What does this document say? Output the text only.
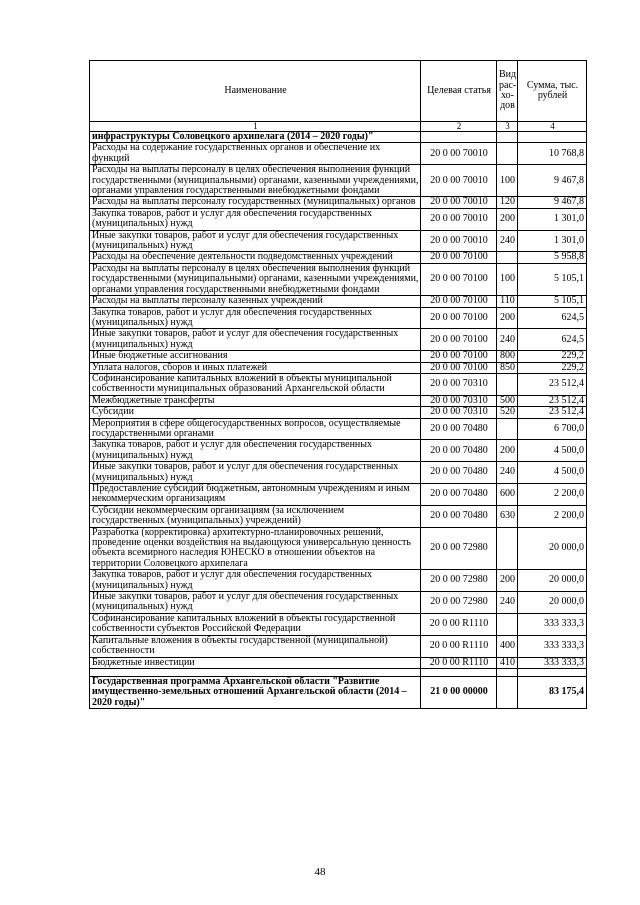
Наименование	Целевая статья	Вид рас-хо-дов	Сумма, тыс. рублей
1	2	3	4
инфраструктуры Соловецкого архипелага (2014 – 2020 годы)"			
Расходы на содержание государственных органов и обеспечение их функций	20 0 00 70010		10 768,8
Расходы на выплаты персоналу в целях обеспечения выполнения функций государственными (муниципальными) органами, казенными учреждениями, органами управления государственными внебюджетными фондами	20 0 00 70010	100	9 467,8
Расходы на выплаты персоналу государственных (муниципальных) органов	20 0 00 70010	120	9 467,8
Закупка товаров, работ и услуг для обеспечения государственных (муниципальных) нужд	20 0 00 70010	200	1 301,0
Иные закупки товаров, работ и услуг для обеспечения государственных (муниципальных) нужд	20 0 00 70010	240	1 301,0
Расходы на обеспечение деятельности подведомственных учреждений	20 0 00 70100		5 958,8
Расходы на выплаты персоналу в целях обеспечения выполнения функций государственными (муниципальными) органами, казенными учреждениями, органами управления государственными внебюджетными фондами	20 0 00 70100	100	5 105,1
Расходы на выплаты персоналу казенных учреждений	20 0 00 70100	110	5 105,1
Закупка товаров, работ и услуг для обеспечения государственных (муниципальных) нужд	20 0 00 70100	200	624,5
Иные закупки товаров, работ и услуг для обеспечения государственных (муниципальных) нужд	20 0 00 70100	240	624,5
Иные бюджетные ассигнования	20 0 00 70100	800	229,2
Уплата налогов, сборов и иных платежей	20 0 00 70100	850	229,2
Софинансирование капитальных вложений в объекты муниципальной собственности муниципальных образований Архангельской области	20 0 00 70310		23 512,4
Межбюджетные трансферты	20 0 00 70310	500	23 512,4
Субсидии	20 0 00 70310	520	23 512,4
Мероприятия в сфере общегосударственных вопросов, осуществляемые государственными органами	20 0 00 70480		6 700,0
Закупка товаров, работ и услуг для обеспечения государственных (муниципальных) нужд	20 0 00 70480	200	4 500,0
Иные закупки товаров, работ и услуг для обеспечения государственных (муниципальных) нужд	20 0 00 70480	240	4 500,0
Предоставление субсидий бюджетным, автономным учреждениям и иным некоммерческим организациям	20 0 00 70480	600	2 200,0
Субсидии некоммерческим организациям (за исключением государственных (муниципальных) учреждений)	20 0 00 70480	630	2 200,0
Разработка (корректировка) архитектурно-планировочных решений, проведение оценки воздействия на выдающуюся универсальную ценность объекта всемирного наследия ЮНЕСКО в отношении объектов на территории Соловецкого архипелага	20 0 00 72980		20 000,0
Закупка товаров, работ и услуг для обеспечения государственных (муниципальных) нужд	20 0 00 72980	200	20 000,0
Иные закупки товаров, работ и услуг для обеспечения государственных (муниципальных) нужд	20 0 00 72980	240	20 000,0
Софинансирование капитальных вложений в объекты государственной собственности субъектов Российской Федерации	20 0 00 R1110		333 333,3
Капитальные вложения в объекты государственной (муниципальной) собственности	20 0 00 R1110	400	333 333,3
Бюджетные инвестиции	20 0 00 R1110	410	333 333,3

Государственная программа Архангельской области "Развитие имущественно-земельных отношений Архангельской области (2014 – 2020 годы)"	21 0 00 00000		83 175,4
48
